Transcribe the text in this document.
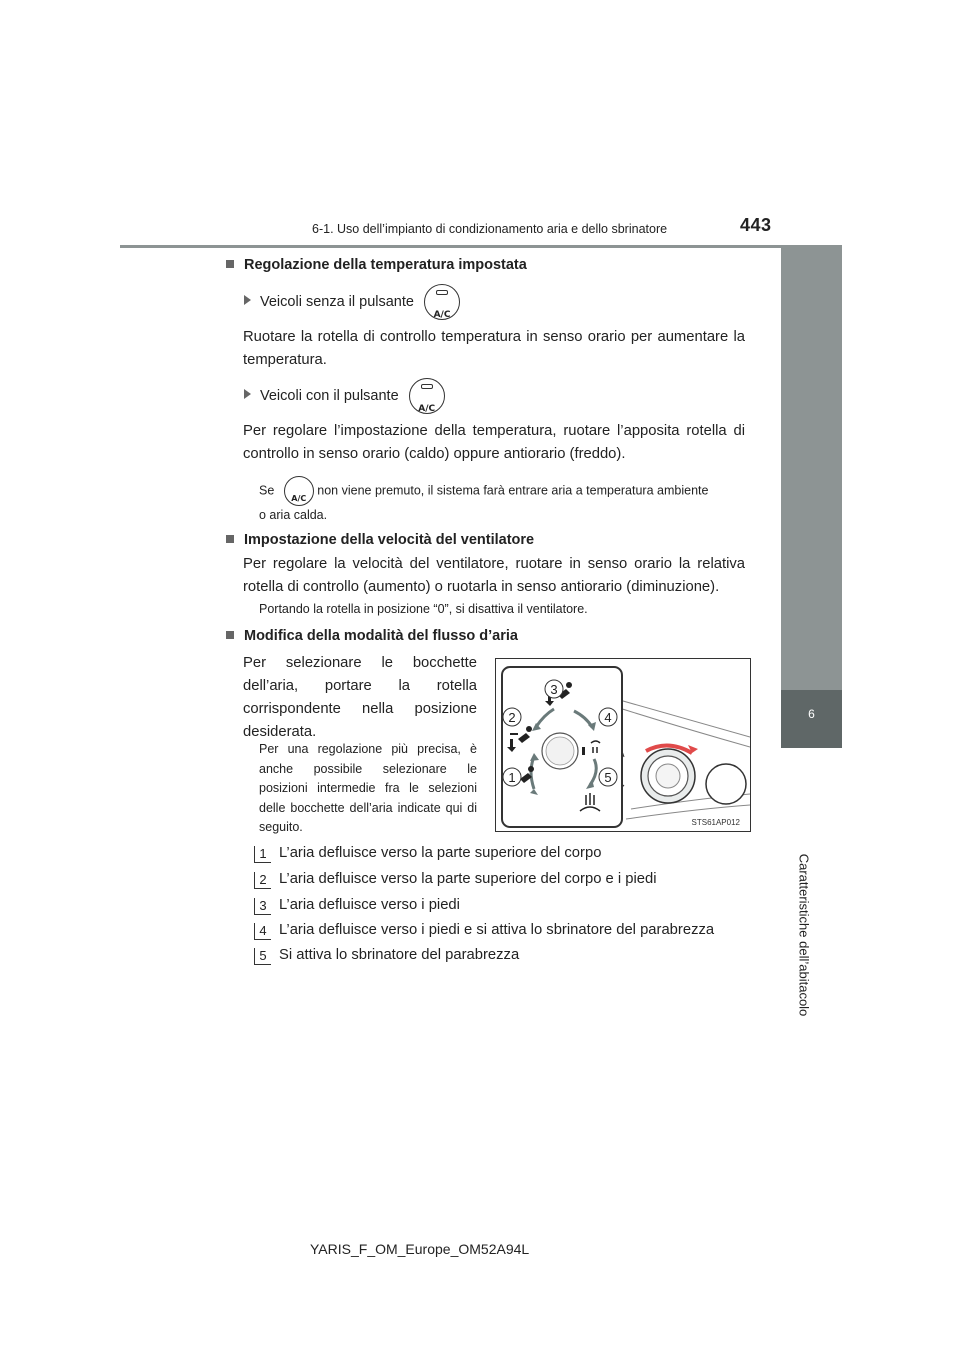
6-1. Uso dell’impianto di condizionamento aria e dello sbrinatore	443
6
Caratteristiche dell’abitacolo
Regolazione della temperatura impostata
Veicoli senza il pulsante
A/C
Ruotare la rotella di controllo temperatura in senso orario per aumentare la temperatura.
Veicoli con il pulsante
A/C
Per regolare l’impostazione della temperatura, ruotare l’apposita rotella di controllo in senso orario (caldo) oppure antiorario (freddo).
Se
A/C
non viene premuto, il sistema farà entrare aria a temperatura ambiente
o aria calda.
Impostazione della velocità del ventilatore
Per regolare la velocità del ventilatore, ruotare in senso orario la relativa rotella di controllo (aumento) o ruotarla in senso antiorario (diminuzione).
Portando la rotella in posizione “0”, si disattiva il ventilatore.
Modifica della modalità del flusso d’aria
Per selezionare le bocchette dell’aria, portare la rotella corrispondente nella posizione desiderata.
Per una regolazione più precisa, è anche possibile selezionare le posizioni intermedie fra le selezioni delle bocchette dell’aria indicate qui di seguito.
3
2	4
1	5
STS61AP012
1 L’aria defluisce verso la parte superiore del corpo
2 L’aria defluisce verso la parte superiore del corpo e i piedi
3 L’aria defluisce verso i piedi
4 L’aria defluisce verso i piedi e si attiva lo sbrinatore del parabrezza
5 Si attiva lo sbrinatore del parabrezza
YARIS_F_OM_Europe_OM52A94L
